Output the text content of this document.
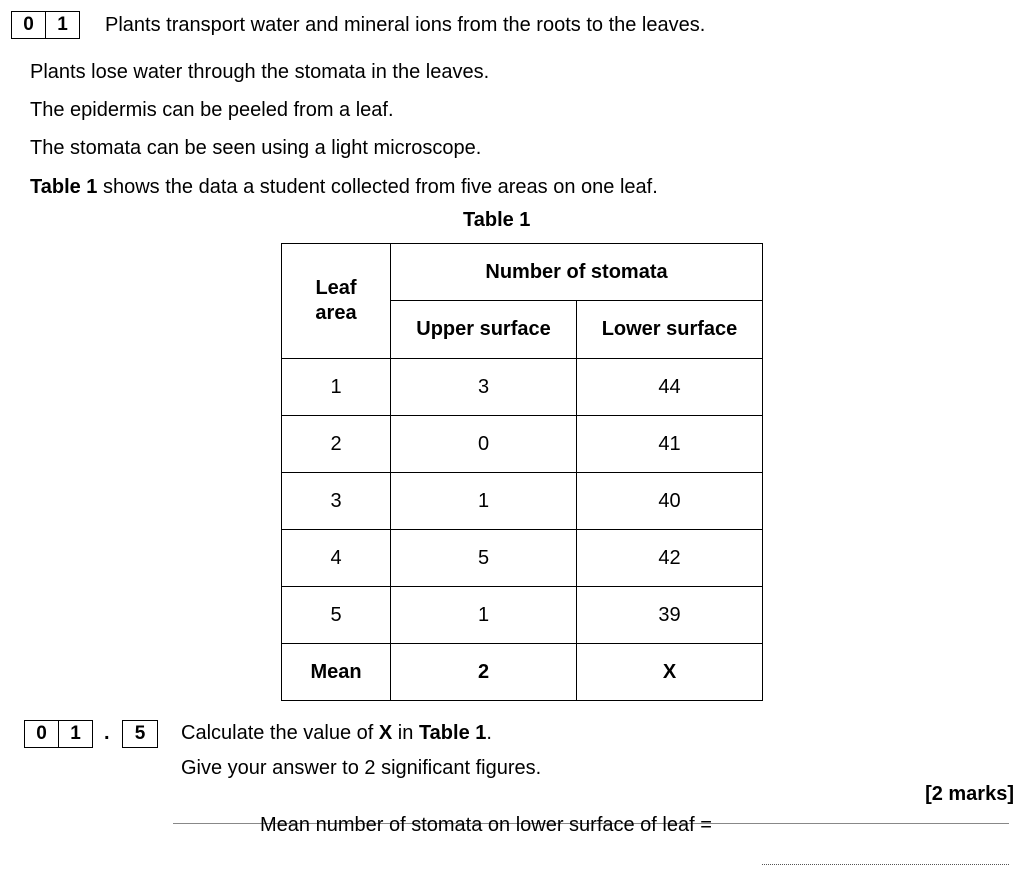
0	1	Plants transport water and mineral ions from the roots to the leaves.
Plants lose water through the stomata in the leaves.
The epidermis can be peeled from a leaf.
The stomata can be seen using a light microscope.
Table 1 shows the data a student collected from five areas on one leaf.
Table 1
Leaf area	Number of stomata	
	Upper surface	Lower surface
1	3	44
2	0	41
3	1	40
4	5	42
5	1	39
Mean	2	X
0	1	.	5	Calculate the value of X in Table 1.
Give your answer to 2 significant figures.
[2 marks]
Mean number of stomata on lower surface of leaf =
